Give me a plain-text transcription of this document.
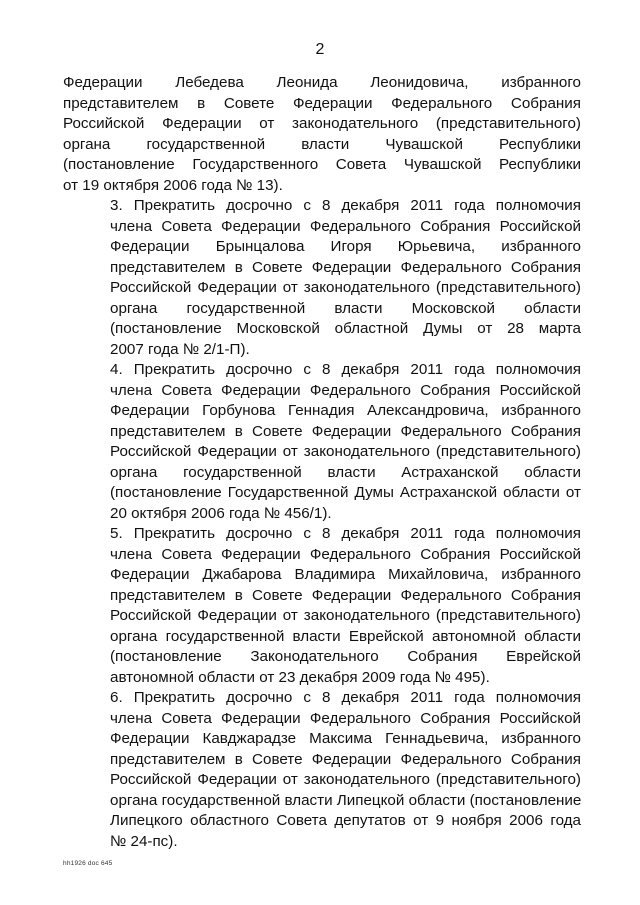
2

Федерации Лебедева Леонида Леонидовича, избранного
представителем в Совете Федерации Федерального Собрания
Российской Федерации от законодательного (представительного)
органа государственной власти Чувашской Республики
(постановление Государственного Совета Чувашской Республики
от 19 октября 2006 года № 13).

3. Прекратить досрочно с 8 декабря 2011 года полномочия
члена Совета Федерации Федерального Собрания Российской
Федерации Брынцалова Игоря Юрьевича, избранного
представителем в Совете Федерации Федерального Собрания
Российской Федерации от законодательного (представительного)
органа государственной власти Московской области
(постановление Московской областной Думы от 28 марта
2007 года № 2/1-П).

4. Прекратить досрочно с 8 декабря 2011 года полномочия
члена Совета Федерации Федерального Собрания Российской
Федерации Горбунова Геннадия Александровича, избранного
представителем в Совете Федерации Федерального Собрания
Российской Федерации от законодательного (представительного)
органа государственной власти Астраханской области
(постановление Государственной Думы Астраханской области от
20 октября 2006 года № 456/1).

5. Прекратить досрочно с 8 декабря 2011 года полномочия
члена Совета Федерации Федерального Собрания Российской
Федерации Джабарова Владимира Михайловича, избранного
представителем в Совете Федерации Федерального Собрания
Российской Федерации от законодательного (представительного)
органа государственной власти Еврейской автономной области
(постановление Законодательного Собрания Еврейской
автономной области от 23 декабря 2009 года № 495).

6. Прекратить досрочно с 8 декабря 2011 года полномочия
члена Совета Федерации Федерального Собрания Российской
Федерации Кавджарадзе Максима Геннадьевича, избранного
представителем в Совете Федерации Федерального Собрания
Российской Федерации от законодательного (представительного)
органа государственной власти Липецкой области (постановление
Липецкого областного Совета депутатов от 9 ноября 2006 года
№ 24-пс).

hh1926 doc 645
